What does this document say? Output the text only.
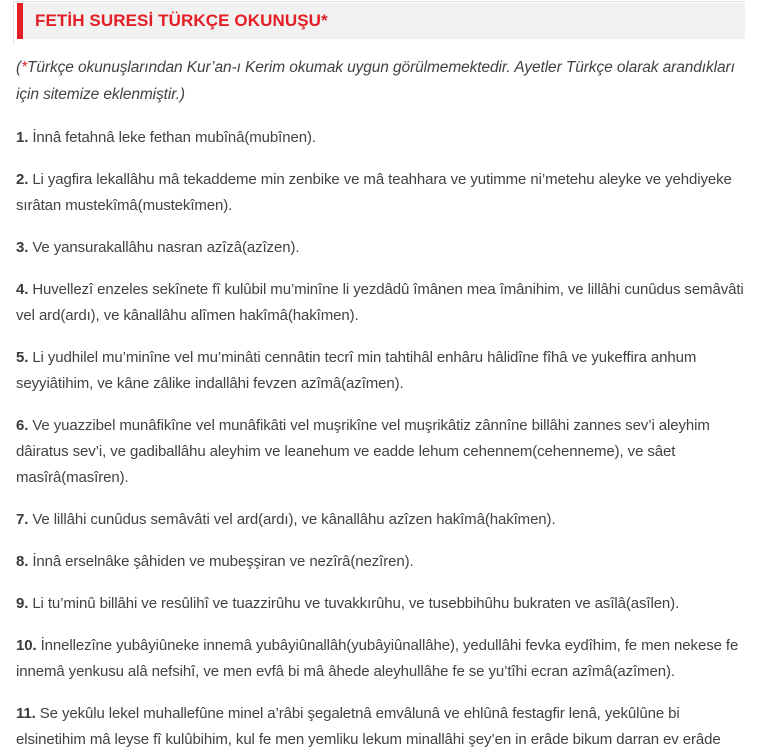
FETİH SURESİ TÜRKÇE OKUNUŞU*

(*Türkçe okunuşlarından Kur’an-ı Kerim okumak uygun görülmemektedir. Ayetler Türkçe olarak arandıkları için sitemize eklenmiştir.)

1. İnnâ fetahnâ leke fethan mubînâ(mubînen).

2. Li yagfira lekallâhu mâ tekaddeme min zenbike ve mâ teahhara ve yutimme ni’metehu aleyke ve yehdiyeke sırâtan mustekîmâ(mustekîmen).

3. Ve yansurakallâhu nasran azîzâ(azîzen).

4. Huvellezî enzeles sekînete fî kulûbil mu’minîne li yezdâdû îmânen mea îmânihim, ve lillâhi cunûdus semâvâti vel ard(ardı), ve kânallâhu alîmen hakîmâ(hakîmen).

5. Li yudhilel mu’minîne vel mu’minâti cennâtin tecrî min tahtihâl enhâru hâlidîne fîhâ ve yukeffira anhum seyyiâtihim, ve kâne zâlike indallâhi fevzen azîmâ(azîmen).

6. Ve yuazzibel munâfikîne vel munâfikâti vel muşrikîne vel muşrikâtiz zânnîne billâhi zannes sev’i aleyhim dâiratus sev’i, ve gadiballâhu aleyhim ve leanehum ve eadde lehum cehennem(cehenneme), ve sâet masîrâ(masîren).

7. Ve lillâhi cunûdus semâvâti vel ard(ardı), ve kânallâhu azîzen hakîmâ(hakîmen).

8. İnnâ erselnâke şâhiden ve mubeşşiran ve nezîrâ(nezîren).

9. Li tu’minû billâhi ve resûlihî ve tuazzirûhu ve tuvakkırûhu, ve tusebbihûhu bukraten ve asîlâ(asîlen).

10. İnnellezîne yubâyiûneke innemâ yubâyiûnallâh(yubâyiûnallâhe), yedullâhi fevka eydîhim, fe men nekese fe innemâ yenkusu alâ nefsihî, ve men evfâ bi mâ âhede aleyhullâhe fe se yu’tîhi ecran azîmâ(azîmen).

11. Se yekûlu lekel muhallefûne minel a’râbi şegaletnâ emvâlunâ ve ehlûnâ festagfir lenâ, yekûlûne bi elsinetihim mâ leyse fî kulûbihim, kul fe men yemliku lekum minallâhi şey’en in erâde bikum darran ev erâde
